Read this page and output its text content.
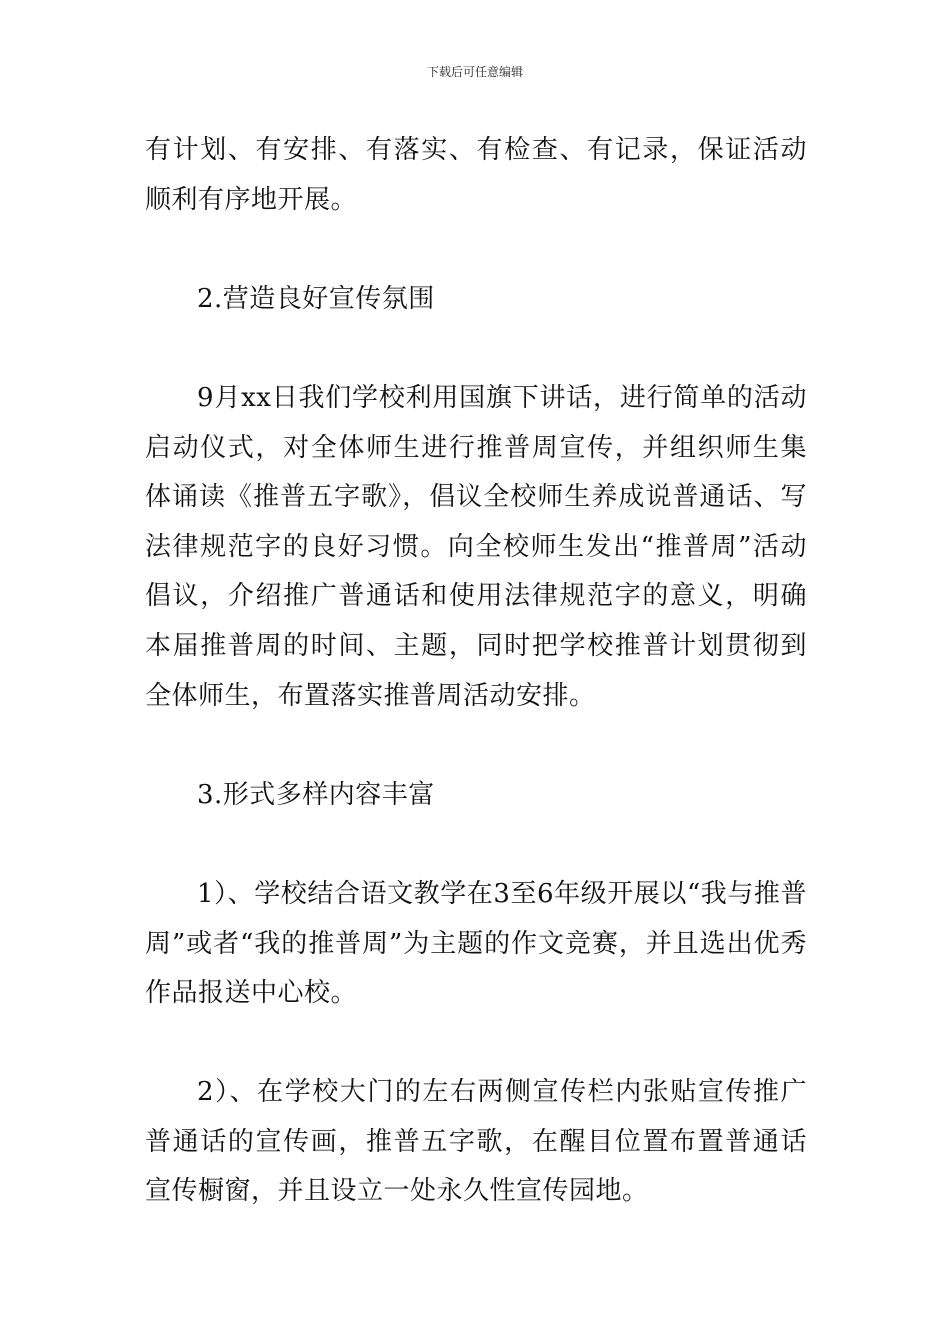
下载后可任意编辑

有计划、有安排、有落实、有检查、有记录，保证活动顺利有序地开展。

2.营造良好宣传氛围

9月xx日我们学校利用国旗下讲话，进行简单的活动启动仪式，对全体师生进行推普周宣传，并组织师生集体诵读《推普五字歌》，倡议全校师生养成说普通话、写法律规范字的良好习惯。向全校师生发出“推普周”活动倡议，介绍推广普通话和使用法律规范字的意义，明确本届推普周的时间、主题，同时把学校推普计划贯彻到全体师生，布置落实推普周活动安排。

3.形式多样内容丰富

1）、学校结合语文教学在3至6年级开展以“我与推普周”或者“我的推普周”为主题的作文竞赛，并且选出优秀作品报送中心校。

2）、在学校大门的左右两侧宣传栏内张贴宣传推广普通话的宣传画，推普五字歌，在醒目位置布置普通话宣传橱窗，并且设立一处永久性宣传园地。
